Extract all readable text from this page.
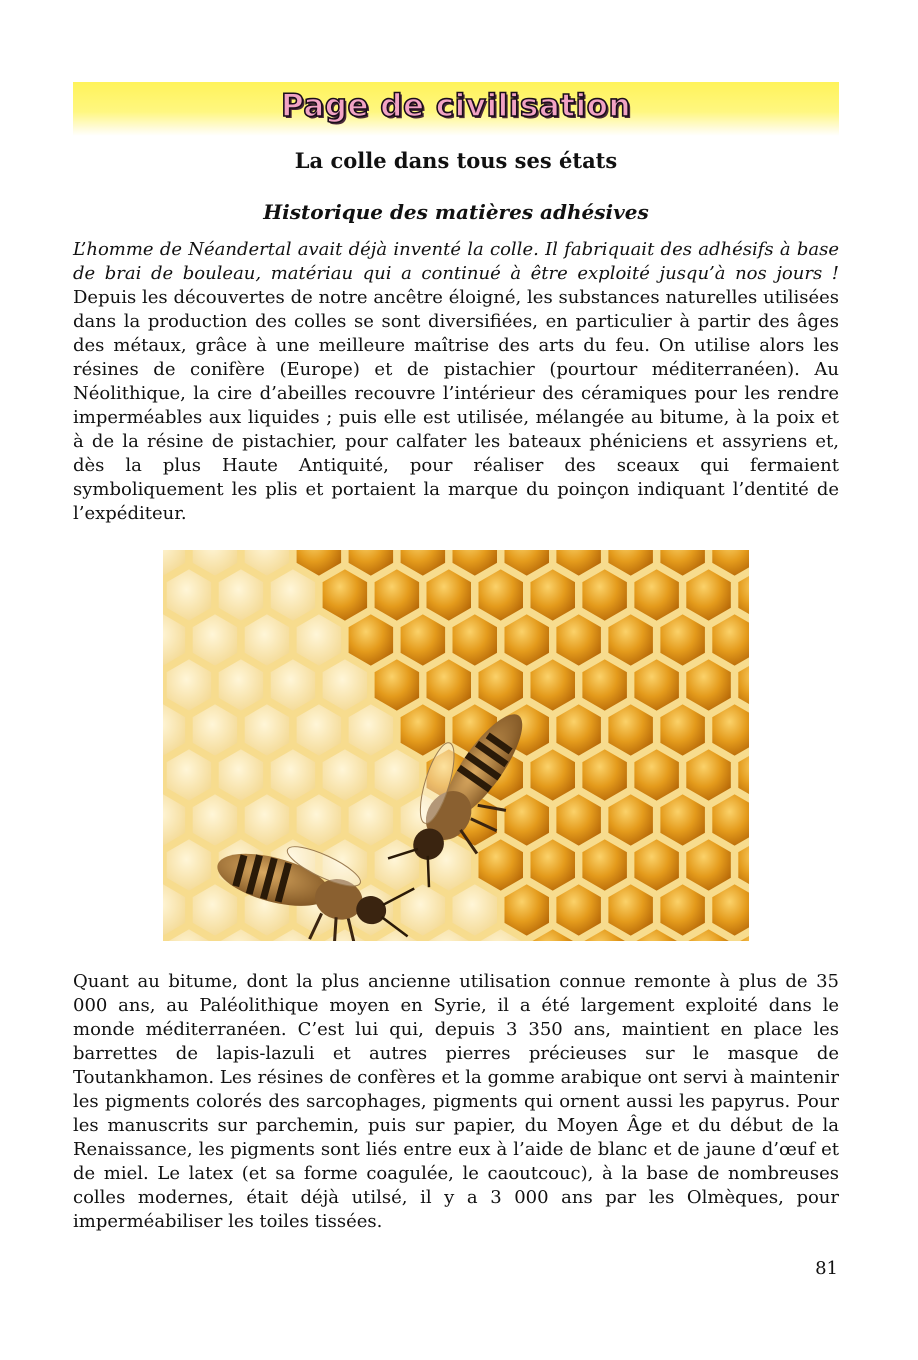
Page de civilisation
La colle dans tous ses états
Historique des matières adhésives
L’homme de Néandertal avait déjà inventé la colle. Il fabriquait des adhésifs à base de brai de bouleau, matériau qui a continué à être exploité jusqu’à nos jours ! Depuis les découvertes de notre ancêtre éloigné, les substances naturelles utilisées dans la production des colles se sont diversifiées, en particulier à partir des âges des métaux, grâce à une meilleure maîtrise des arts du feu. On utilise alors les résines de conifère (Europe) et de pistachier (pourtour méditerranéen). Au Néolithique, la cire d’abeilles recouvre l’intérieur des céramiques pour les rendre imperméables aux liquides ; puis elle est utilisée, mélangée au bitume, à la poix et à de la résine de pistachier, pour calfater les bateaux phéniciens et assyriens et, dès la plus Haute Antiquité, pour réaliser des sceaux qui fermaient symboliquement les plis et portaient la marque du poinçon indiquant l’dentité de l’expéditeur.
Quant au bitume, dont la plus ancienne utilisation connue remonte à plus de 35 000 ans, au Paléolithique moyen en Syrie, il a été largement exploité dans le monde méditerranéen. C’est lui qui, depuis 3 350 ans, maintient en place les barrettes de lapis-lazuli et autres pierres précieuses sur le masque de Toutankhamon. Les résines de confères et la gomme arabique ont servi à maintenir les pigments colorés des sarcophages, pigments qui ornent aussi les papyrus. Pour les manuscrits sur parchemin, puis sur papier, du Moyen Âge et du début de la Renaissance, les pigments sont liés entre eux à l’aide de blanc et de jaune d’œuf et de miel. Le latex (et sa forme coagulée, le caoutcouc), à la base de nombreuses colles modernes, était déjà utilsé, il y a 3 000 ans par les Olmèques, pour imperméabiliser les toiles tissées.
81
